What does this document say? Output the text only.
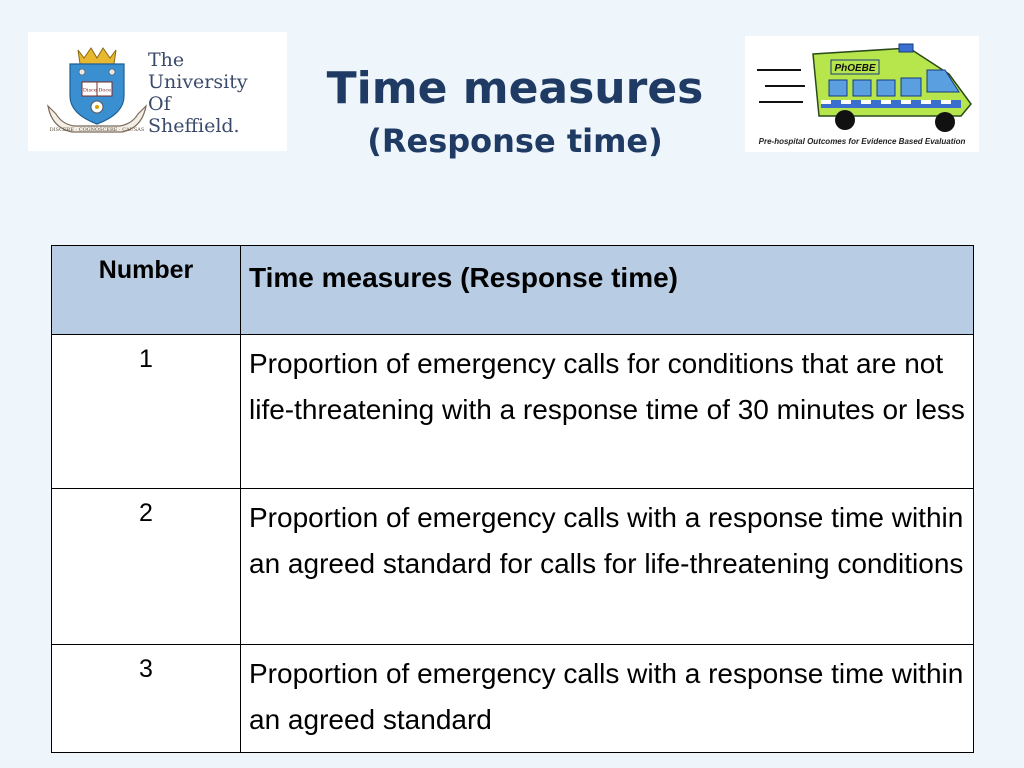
DISCERE · COGNOSCERE · CAUSAS
Disce Doce
The
University
Of
Sheffield.
Time measures
(Response time)
PhOEBE
Pre-hospital Outcomes for Evidence Based Evaluation
Number	Time measures (Response time)
1	Proportion of emergency calls for conditions that are not life-threatening with a response time of 30 minutes or less
2	Proportion of emergency calls with a response time within an agreed standard for calls for life-threatening conditions
3	Proportion of emergency calls with a response time within an agreed standard
